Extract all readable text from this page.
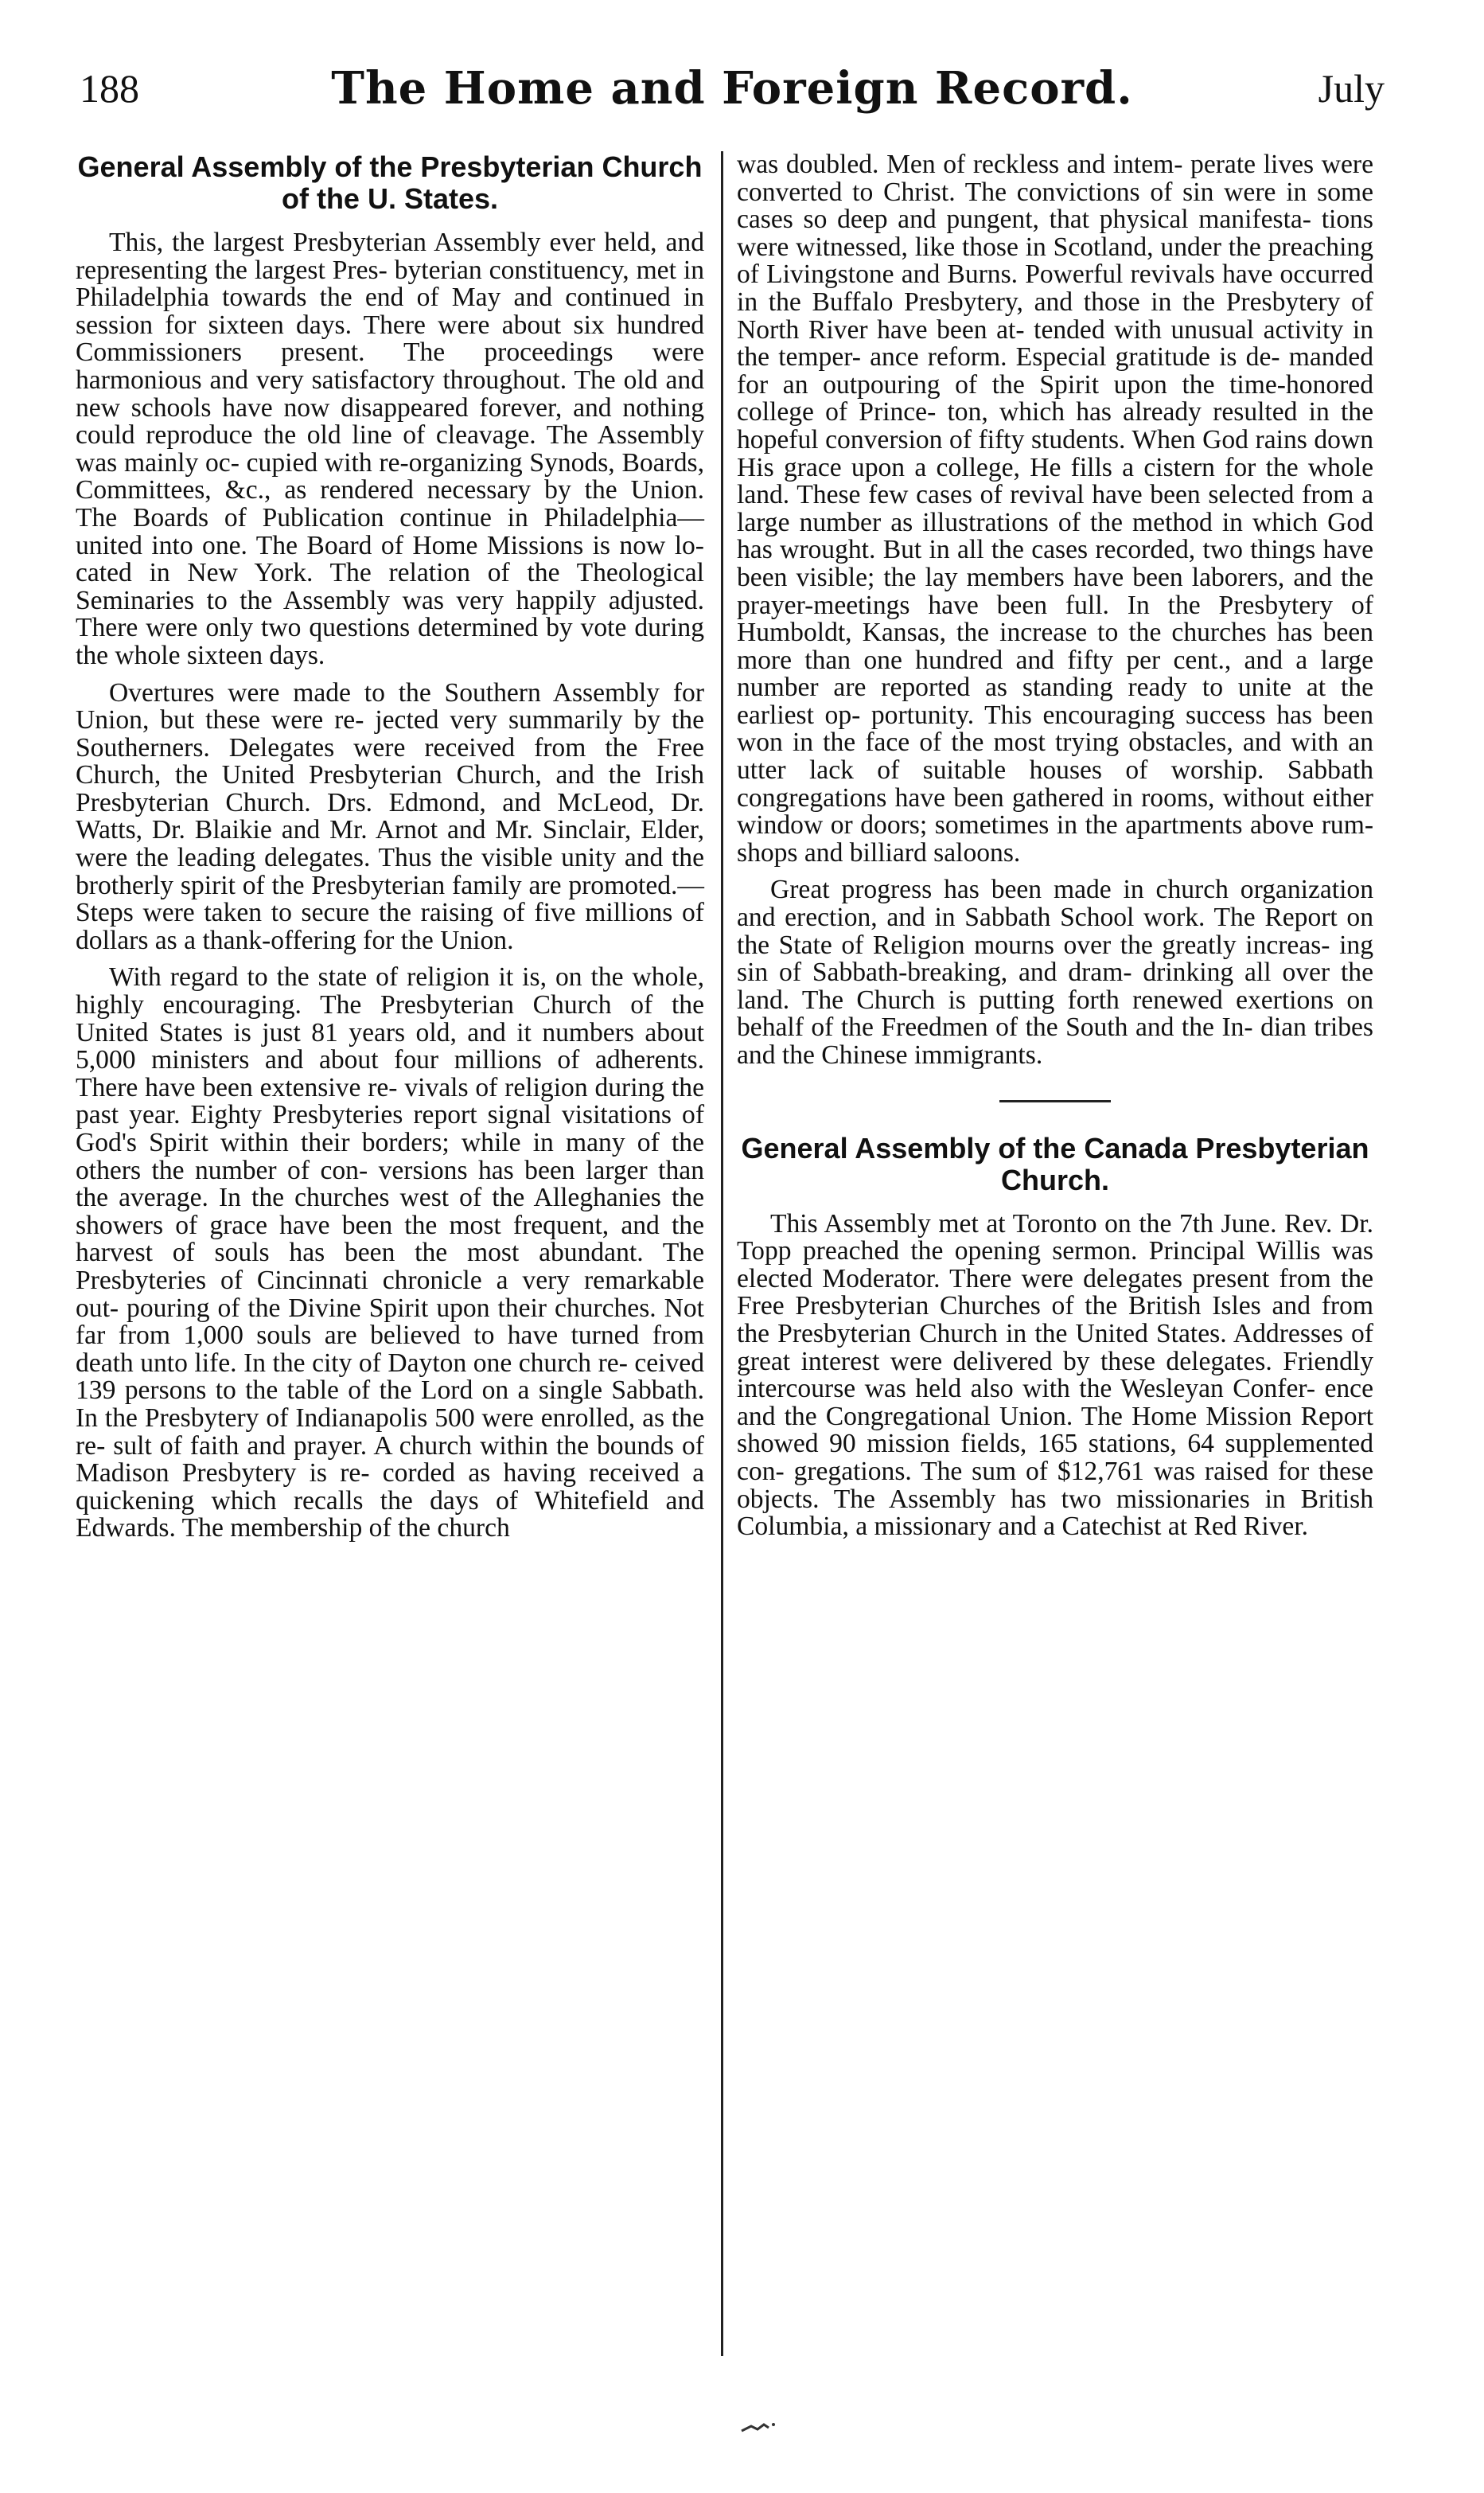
188	The Home and Foreign Record.	July
General Assembly of the Presbyterian Church of the U. States.

This, the largest Presbyterian Assembly ever held, and representing the largest Pres- byterian constituency, met in Philadelphia towards the end of May and continued in session for sixteen days. There were about six hundred Commissioners present. The proceedings were harmonious and very satisfactory throughout. The old and new schools have now disappeared forever, and nothing could reproduce the old line of cleavage. The Assembly was mainly oc- cupied with re-organizing Synods, Boards, Committees, &c., as rendered necessary by the Union. The Boards of Publication continue in Philadelphia—united into one. The Board of Home Missions is now lo- cated in New York. The relation of the Theological Seminaries to the Assembly was very happily adjusted. There were only two questions determined by vote during the whole sixteen days.

Overtures were made to the Southern Assembly for Union, but these were re- jected very summarily by the Southerners. Delegates were received from the Free Church, the United Presbyterian Church, and the Irish Presbyterian Church. Drs. Edmond, and McLeod, Dr. Watts, Dr. Blaikie and Mr. Arnot and Mr. Sinclair, Elder, were the leading delegates. Thus the visible unity and the brotherly spirit of the Presbyterian family are promoted.— Steps were taken to secure the raising of five millions of dollars as a thank-offering for the Union.

With regard to the state of religion it is, on the whole, highly encouraging. The Presbyterian Church of the United States is just 81 years old, and it numbers about 5,000 ministers and about four millions of adherents. There have been extensive re- vivals of religion during the past year. Eighty Presbyteries report signal visitations of God's Spirit within their borders; while in many of the others the number of con- versions has been larger than the average. In the churches west of the Alleghanies the showers of grace have been the most frequent, and the harvest of souls has been the most abundant. The Presbyteries of Cincinnati chronicle a very remarkable out- pouring of the Divine Spirit upon their churches. Not far from 1,000 souls are believed to have turned from death unto life. In the city of Dayton one church re- ceived 139 persons to the table of the Lord on a single Sabbath. In the Presbytery of Indianapolis 500 were enrolled, as the re- sult of faith and prayer. A church within the bounds of Madison Presbytery is re- corded as having received a quickening which recalls the days of Whitefield and Edwards. The membership of the church

was doubled. Men of reckless and intem- perate lives were converted to Christ. The convictions of sin were in some cases so deep and pungent, that physical manifesta- tions were witnessed, like those in Scotland, under the preaching of Livingstone and Burns. Powerful revivals have occurred in the Buffalo Presbytery, and those in the Presbytery of North River have been at- tended with unusual activity in the temper- ance reform. Especial gratitude is de- manded for an outpouring of the Spirit upon the time-honored college of Prince- ton, which has already resulted in the hopeful conversion of fifty students. When God rains down His grace upon a college, He fills a cistern for the whole land. These few cases of revival have been selected from a large number as illustrations of the method in which God has wrought. But in all the cases recorded, two things have been visible; the lay members have been laborers, and the prayer-meetings have been full. In the Presbytery of Humboldt, Kansas, the increase to the churches has been more than one hundred and fifty per cent., and a large number are reported as standing ready to unite at the earliest op- portunity. This encouraging success has been won in the face of the most trying obstacles, and with an utter lack of suitable houses of worship. Sabbath congregations have been gathered in rooms, without either window or doors; sometimes in the apartments above rum-shops and billiard saloons.

Great progress has been made in church organization and erection, and in Sabbath School work. The Report on the State of Religion mourns over the greatly increas- ing sin of Sabbath-breaking, and dram- drinking all over the land. The Church is putting forth renewed exertions on behalf of the Freedmen of the South and the In- dian tribes and the Chinese immigrants.

General Assembly of the Canada Presbyterian Church.

This Assembly met at Toronto on the 7th June. Rev. Dr. Topp preached the opening sermon. Principal Willis was elected Moderator. There were delegates present from the Free Presbyterian Churches of the British Isles and from the Presbyterian Church in the United States. Addresses of great interest were delivered by these delegates. Friendly intercourse was held also with the Wesleyan Confer- ence and the Congregational Union. The Home Mission Report showed 90 mission fields, 165 stations, 64 supplemented con- gregations. The sum of $12,761 was raised for these objects. The Assembly has two missionaries in British Columbia, a missionary and a Catechist at Red River.
